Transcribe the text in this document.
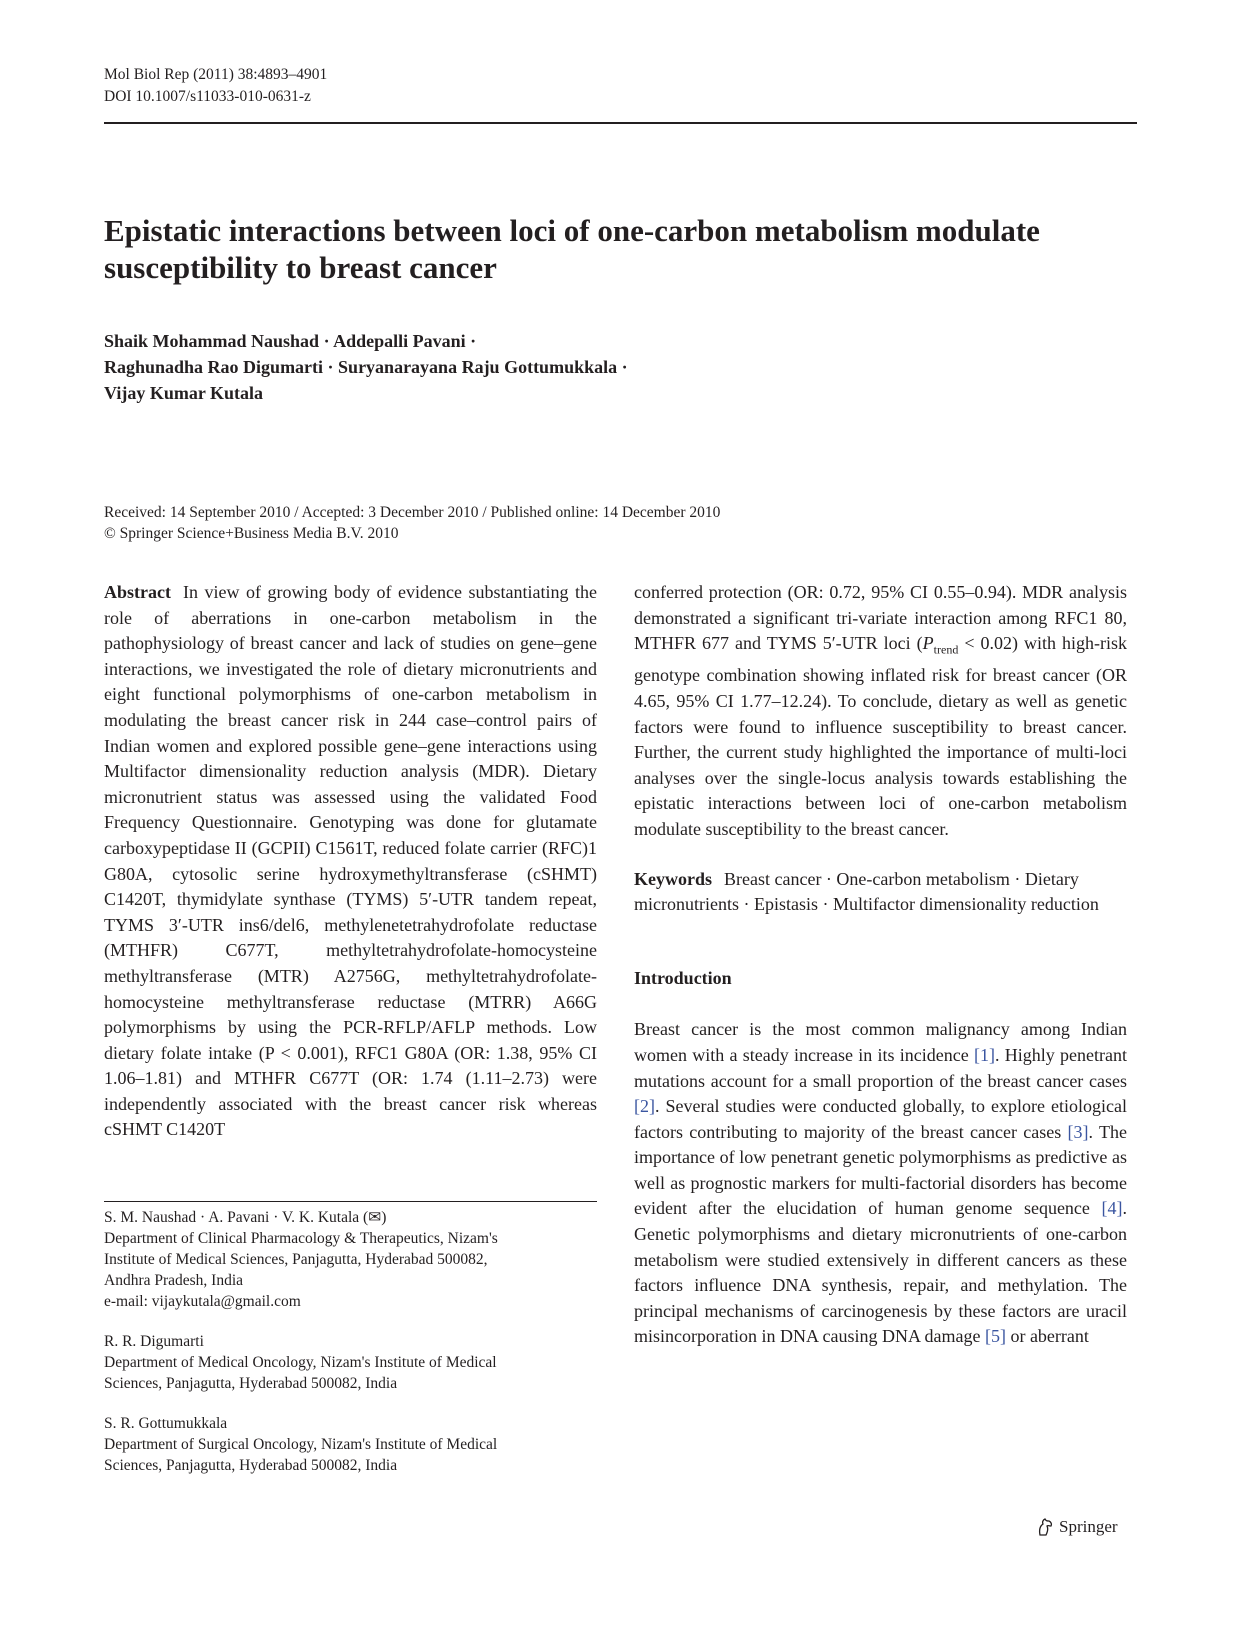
Mol Biol Rep (2011) 38:4893–4901
DOI 10.1007/s11033-010-0631-z
Epistatic interactions between loci of one-carbon metabolism modulate susceptibility to breast cancer
Shaik Mohammad Naushad · Addepalli Pavani ·
Raghunadha Rao Digumarti · Suryanarayana Raju Gottumukkala ·
Vijay Kumar Kutala
Received: 14 September 2010 / Accepted: 3 December 2010 / Published online: 14 December 2010
© Springer Science+Business Media B.V. 2010

Abstract In view of growing body of evidence substantiating the role of aberrations in one-carbon metabolism in the pathophysiology of breast cancer and lack of studies on gene–gene interactions, we investigated the role of dietary micronutrients and eight functional polymorphisms of one-carbon metabolism in modulating the breast cancer risk in 244 case–control pairs of Indian women and explored possible gene–gene interactions using Multifactor dimensionality reduction analysis (MDR). Dietary micronutrient status was assessed using the validated Food Frequency Questionnaire. Genotyping was done for glutamate carboxypeptidase II (GCPII) C1561T, reduced folate carrier (RFC)1 G80A, cytosolic serine hydroxymethyltransferase (cSHMT) C1420T, thymidylate synthase (TYMS) 5′-UTR tandem repeat, TYMS 3′-UTR ins6/del6, methylenetetrahydrofolate reductase (MTHFR) C677T, methyltetrahydrofolate-homocysteine methyltransferase (MTR) A2756G, methyltetrahydrofolate-homocysteine methyltransferase reductase (MTRR) A66G polymorphisms by using the PCR-RFLP/AFLP methods. Low dietary folate intake (P < 0.001), RFC1 G80A (OR: 1.38, 95% CI 1.06–1.81) and MTHFR C677T (OR: 1.74 (1.11–2.73) were independently associated with the breast cancer risk whereas cSHMT C1420T

conferred protection (OR: 0.72, 95% CI 0.55–0.94). MDR analysis demonstrated a significant tri-variate interaction among RFC1 80, MTHFR 677 and TYMS 5′-UTR loci $(P_{trend} < 0.02)$ with high-risk genotype combination showing inflated risk for breast cancer (OR 4.65, 95% CI 1.77–12.24). To conclude, dietary as well as genetic factors were found to influence susceptibility to breast cancer. Further, the current study highlighted the importance of multi-loci analyses over the single-locus analysis towards establishing the epistatic interactions between loci of one-carbon metabolism modulate susceptibility to the breast cancer.

Keywords Breast cancer · One-carbon metabolism · Dietary micronutrients · Epistasis · Multifactor dimensionality reduction

Introduction

Breast cancer is the most common malignancy among Indian women with a steady increase in its incidence [1]. Highly penetrant mutations account for a small proportion of the breast cancer cases [2]. Several studies were conducted globally, to explore etiological factors contributing to majority of the breast cancer cases [3]. The importance of low penetrant genetic polymorphisms as predictive as well as prognostic markers for multi-factorial disorders has become evident after the elucidation of human genome sequence [4]. Genetic polymorphisms and dietary micronutrients of one-carbon metabolism were studied extensively in different cancers as these factors influence DNA synthesis, repair, and methylation. The principal mechanisms of carcinogenesis by these factors are uracil misincorporation in DNA causing DNA damage [5] or aberrant

S. M. Naushad · A. Pavani · V. K. Kutala (✉)
Department of Clinical Pharmacology & Therapeutics, Nizam's
Institute of Medical Sciences, Panjagutta, Hyderabad 500082,
Andhra Pradesh, India
e-mail: vijaykutala@gmail.com
R. R. Digumarti
Department of Medical Oncology, Nizam's Institute of Medical
Sciences, Panjagutta, Hyderabad 500082, India
S. R. Gottumukkala
Department of Surgical Oncology, Nizam's Institute of Medical
Sciences, Panjagutta, Hyderabad 500082, India
Springer
